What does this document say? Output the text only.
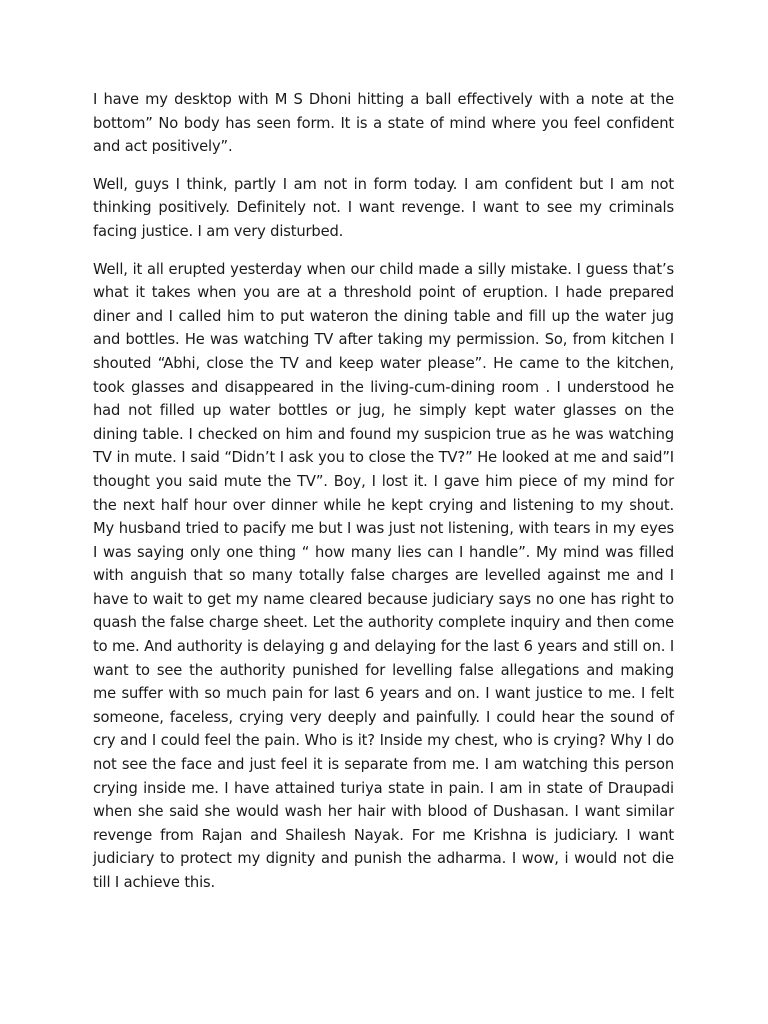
I have my desktop with M S Dhoni hitting a ball effectively with a note at the bottom” No body has seen form. It is a state of mind where you feel confident and act positively”.

Well, guys I think, partly I am not in form today. I am confident but I am not thinking positively. Definitely not. I want revenge. I want to see my criminals facing justice. I am very disturbed.

Well, it all erupted yesterday when our child made a silly mistake. I guess that’s what it takes when you are at a threshold point of eruption. I hade prepared diner and I called him to put wateron the dining table and fill up the water jug and bottles. He was watching TV after taking my permission. So, from kitchen I shouted “Abhi, close the TV and keep water please”. He came to the kitchen, took glasses and disappeared in the living-cum-dining room . I understood he had not filled up water bottles or jug, he simply kept water glasses on the dining table. I checked on him and found my suspicion true as he was watching TV in mute. I said “Didn’t I ask you to close the TV?” He looked at me and said”I thought you said mute the TV”. Boy, I lost it. I gave him piece of my mind for the next half hour over dinner while he kept crying and listening to my shout. My husband tried to pacify me but I was just not listening, with tears in my eyes I was saying only one thing “ how many lies can I handle”. My mind was filled with anguish that so many totally false charges are levelled against me and I have to wait to get my name cleared because judiciary says no one has right to quash the false charge sheet. Let the authority complete inquiry and then come to me. And authority is delaying g and delaying for the last 6 years and still on. I want to see the authority punished for levelling false allegations and making me suffer with so much pain for last 6 years and on. I want justice to me. I felt someone, faceless, crying very deeply and painfully. I could hear the sound of cry and I could feel the pain. Who is it? Inside my chest, who is crying? Why I do not see the face and just feel it is separate from me. I am watching this person crying inside me. I have attained turiya state in pain. I am in state of Draupadi when she said she would wash her hair with blood of Dushasan. I want similar revenge from Rajan and Shailesh Nayak. For me Krishna is judiciary. I want judiciary to protect my dignity and punish the adharma. I wow, i would not die till I achieve this.
